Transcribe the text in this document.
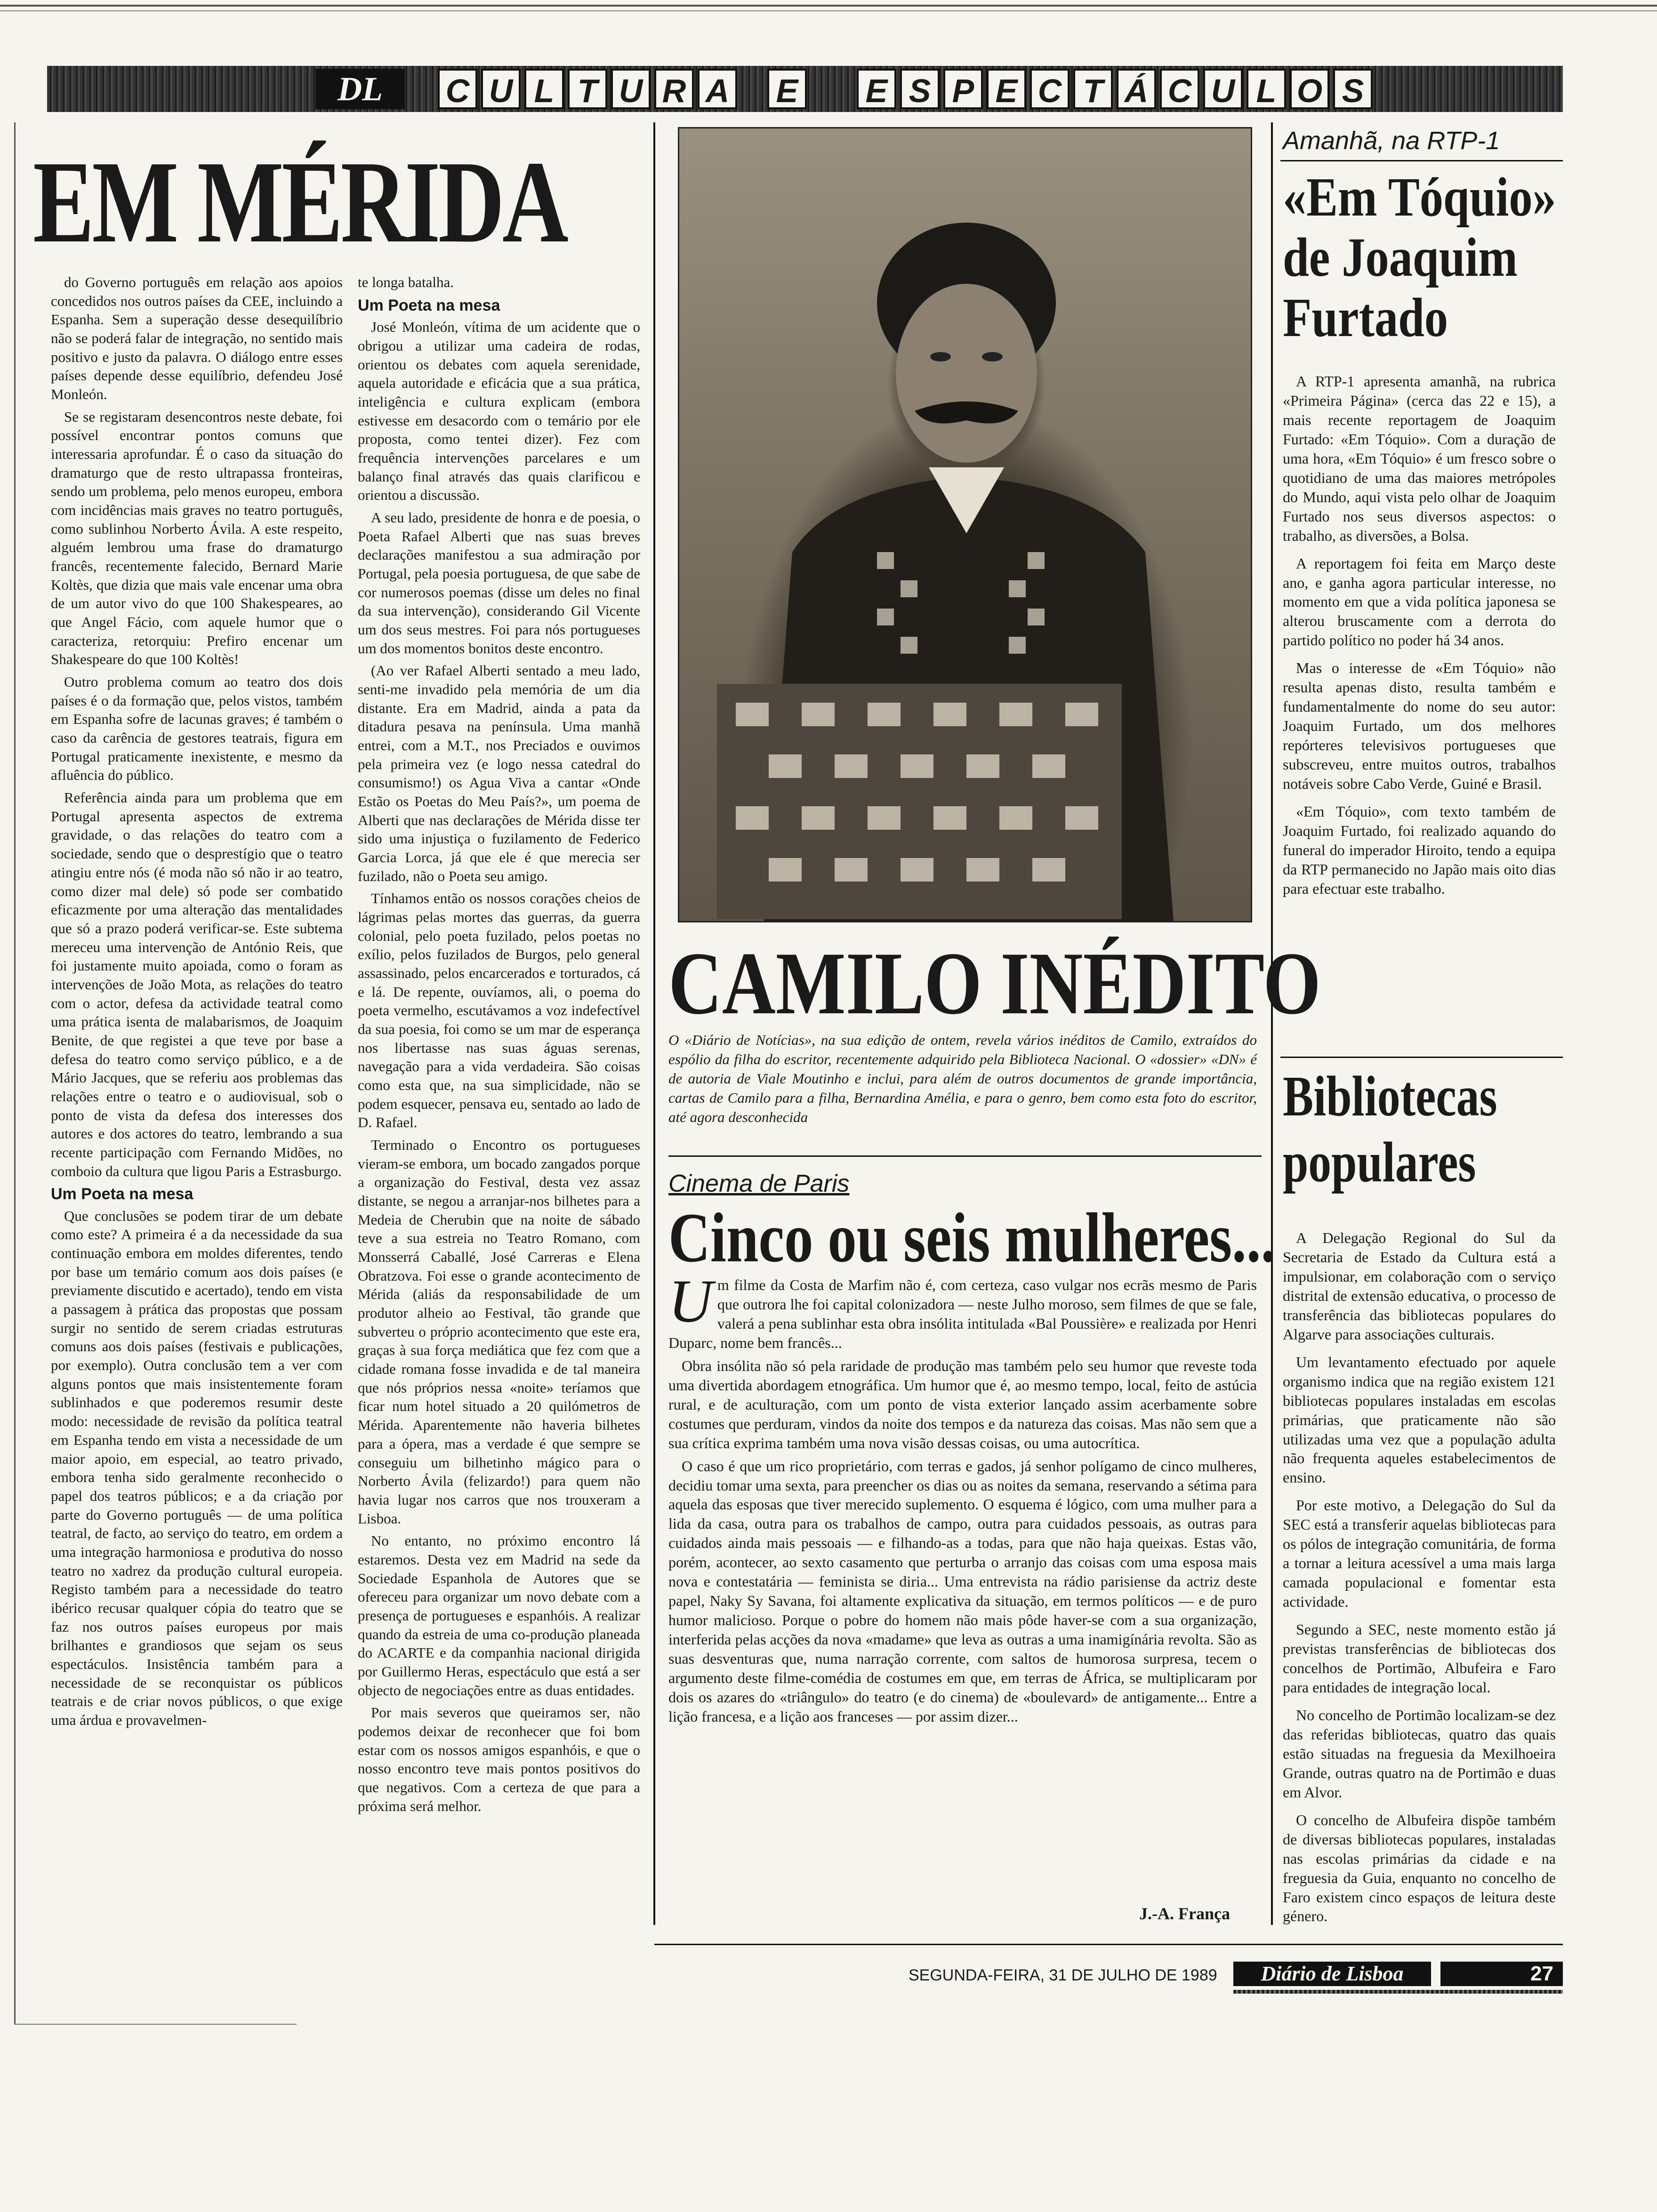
DL	C U L T U R A E E S P E C T Á C U L O S
EM MÉRIDA

do Governo português em relação aos apoios concedidos nos outros países da CEE, incluindo a Espanha. Sem a superação desse desequilíbrio não se poderá falar de integração, no sentido mais positivo e justo da palavra. O diálogo entre esses países depende desse equilíbrio, defendeu José Monleón.

Se se registaram desencontros neste debate, foi possível encontrar pontos comuns que interessaria aprofundar. É o caso da situação do dramaturgo que de resto ultrapassa fronteiras, sendo um problema, pelo menos europeu, embora com incidências mais graves no teatro português, como sublinhou Norberto Ávila. A este respeito, alguém lembrou uma frase do dramaturgo francês, recentemente falecido, Bernard Marie Koltès, que dizia que mais vale encenar uma obra de um autor vivo do que 100 Shakespeares, ao que Angel Fácio, com aquele humor que o caracteriza, retorquiu: Prefiro encenar um Shakespeare do que 100 Koltès!

Outro problema comum ao teatro dos dois países é o da formação que, pelos vistos, também em Espanha sofre de lacunas graves; é também o caso da carência de gestores teatrais, figura em Portugal praticamente inexistente, e mesmo da afluência do público.

Referência ainda para um problema que em Portugal apresenta aspectos de extrema gravidade, o das relações do teatro com a sociedade, sendo que o desprestígio que o teatro atingiu entre nós (é moda não só não ir ao teatro, como dizer mal dele) só pode ser combatido eficazmente por uma alteração das mentalidades que só a prazo poderá verificar-se. Este subtema mereceu uma intervenção de António Reis, que foi justamente muito apoiada, como o foram as intervenções de João Mota, as relações do teatro com o actor, defesa da actividade teatral como uma prática isenta de malabarismos, de Joaquim Benite, de que registei a que teve por base a defesa do teatro como serviço público, e a de Mário Jacques, que se referiu aos problemas das relações entre o teatro e o audiovisual, sob o ponto de vista da defesa dos interesses dos autores e dos actores do teatro, lembrando a sua recente participação com Fernando Midões, no comboio da cultura que ligou Paris a Estrasburgo.

Um Poeta na mesa

Que conclusões se podem tirar de um debate como este? A primeira é a da necessidade da sua continuação embora em moldes diferentes, tendo por base um temário comum aos dois países (e previamente discutido e acertado), tendo em vista a passagem à prática das propostas que possam surgir no sentido de serem criadas estruturas comuns aos dois países (festivais e publicações, por exemplo). Outra conclusão tem a ver com alguns pontos que mais insistentemente foram sublinhados e que poderemos resumir deste modo: necessidade de revisão da política teatral em Espanha tendo em vista a necessidade de um maior apoio, em especial, ao teatro privado, embora tenha sido geralmente reconhecido o papel dos teatros públicos; e a da criação por parte do Governo português — de uma política teatral, de facto, ao serviço do teatro, em ordem a uma integração harmoniosa e produtiva do nosso teatro no xadrez da produção cultural europeia. Registo também para a necessidade do teatro ibérico recusar qualquer cópia do teatro que se faz nos outros países europeus por mais brilhantes e grandiosos que sejam os seus espectáculos. Insistência também para a necessidade de se reconquistar os públicos teatrais e de criar novos públicos, o que exige uma árdua e provavelmen-

te longa batalha.

Um Poeta na mesa

José Monleón, vítima de um acidente que o obrigou a utilizar uma cadeira de rodas, orientou os debates com aquela serenidade, aquela autoridade e eficácia que a sua prática, inteligência e cultura explicam (embora estivesse em desacordo com o temário por ele proposta, como tentei dizer). Fez com frequência intervenções parcelares e um balanço final através das quais clarificou e orientou a discussão.

A seu lado, presidente de honra e de poesia, o Poeta Rafael Alberti que nas suas breves declarações manifestou a sua admiração por Portugal, pela poesia portuguesa, de que sabe de cor numerosos poemas (disse um deles no final da sua intervenção), considerando Gil Vicente um dos seus mestres. Foi para nós portugueses um dos momentos bonitos deste encontro.

(Ao ver Rafael Alberti sentado a meu lado, senti-me invadido pela memória de um dia distante. Era em Madrid, ainda a pata da ditadura pesava na península. Uma manhã entrei, com a M.T., nos Preciados e ouvimos pela primeira vez (e logo nessa catedral do consumismo!) os Agua Viva a cantar «Onde Estão os Poetas do Meu País?», um poema de Alberti que nas declarações de Mérida disse ter sido uma injustiça o fuzilamento de Federico Garcia Lorca, já que ele é que merecia ser fuzilado, não o Poeta seu amigo.

Tínhamos então os nossos corações cheios de lágrimas pelas mortes das guerras, da guerra colonial, pelo poeta fuzilado, pelos poetas no exílio, pelos fuzilados de Burgos, pelo general assassinado, pelos encarcerados e torturados, cá e lá. De repente, ouvíamos, ali, o poema do poeta vermelho, escutávamos a voz indefectível da sua poesia, foi como se um mar de esperança nos libertasse nas suas águas serenas, navegação para a vida verdadeira. São coisas como esta que, na sua simplicidade, não se podem esquecer, pensava eu, sentado ao lado de D. Rafael.

Terminado o Encontro os portugueses vieram-se embora, um bocado zangados porque a organização do Festival, desta vez assaz distante, se negou a arranjar-nos bilhetes para a Medeia de Cherubin que na noite de sábado teve a sua estreia no Teatro Romano, com Monsserrá Caballé, José Carreras e Elena Obratzova. Foi esse o grande acontecimento de Mérida (aliás da responsabilidade de um produtor alheio ao Festival, tão grande que subverteu o próprio acontecimento que este era, graças à sua força mediática que fez com que a cidade romana fosse invadida e de tal maneira que nós próprios nessa «noite» teríamos que ficar num hotel situado a 20 quilómetros de Mérida. Aparentemente não haveria bilhetes para a ópera, mas a verdade é que sempre se conseguiu um bilhetinho mágico para o Norberto Ávila (felizardo!) para quem não havia lugar nos carros que nos trouxeram a Lisboa.

No entanto, no próximo encontro lá estaremos. Desta vez em Madrid na sede da Sociedade Espanhola de Autores que se ofereceu para organizar um novo debate com a presença de portugueses e espanhóis. A realizar quando da estreia de uma co-produção planeada do ACARTE e da companhia nacional dirigida por Guillermo Heras, espectáculo que está a ser objecto de negociações entre as duas entidades.

Por mais severos que queiramos ser, não podemos deixar de reconhecer que foi bom estar com os nossos amigos espanhóis, e que o nosso encontro teve mais pontos positivos do que negativos. Com a certeza de que para a próxima será melhor.

CAMILO INÉDITO
O «Diário de Notícias», na sua edição de ontem, revela vários inéditos de Camilo, extraídos do espólio da filha do escritor, recentemente adquirido pela Biblioteca Nacional. O «dossier» «DN» é de autoria de Viale Moutinho e inclui, para além de outros documentos de grande importância, cartas de Camilo para a filha, Bernardina Amélia, e para o genro, bem como esta foto do escritor, até agora desconhecida
Cinema de Paris
Cinco ou seis mulheres...

U m filme da Costa de Marfim não é, com certeza, caso vulgar nos ecrãs mesmo de Paris que outrora lhe foi capital colonizadora — neste Julho moroso, sem filmes de que se fale, valerá a pena sublinhar esta obra insólita intitulada «Bal Poussière» e realizada por Henri Duparc, nome bem francês...

Obra insólita não só pela raridade de produção mas também pelo seu humor que reveste toda uma divertida abordagem etnográfica. Um humor que é, ao mesmo tempo, local, feito de astúcia rural, e de aculturação, com um ponto de vista exterior lançado assim acerbamente sobre costumes que perduram, vindos da noite dos tempos e da natureza das coisas. Mas não sem que a sua crítica exprima também uma nova visão dessas coisas, ou uma autocrítica.

O caso é que um rico proprietário, com terras e gados, já senhor polígamo de cinco mulheres, decidiu tomar uma sexta, para preencher os dias ou as noites da semana, reservando a sétima para aquela das esposas que tiver merecido suplemento. O esquema é lógico, com uma mulher para a lida da casa, outra para os trabalhos de campo, outra para cuidados pessoais, as outras para cuidados ainda mais pessoais — e filhando-as a todas, para que não haja queixas. Estas vão, porém, acontecer, ao sexto casamento que perturba o arranjo das coisas com uma esposa mais nova e contestatária — feminista se diria... Uma entrevista na rádio parisiense da actriz deste papel, Naky Sy Savana, foi altamente explicativa da situação, em termos políticos — e de puro humor malicioso. Porque o pobre do homem não mais pôde haver-se com a sua organização, interferida pelas acções da nova «madame» que leva as outras a uma inamigínária revolta. São as suas desventuras que, numa narração corrente, com saltos de humorosa surpresa, tecem o argumento deste filme-comédia de costumes em que, em terras de África, se multiplicaram por dois os azares do «triângulo» do teatro (e do cinema) de «boulevard» de antigamente... Entre a lição francesa, e a lição aos franceses — por assim dizer...

J.-A. França
Amanhã, na RTP-1
«Em Tóquio»
de Joaquim
Furtado

A RTP-1 apresenta amanhã, na rubrica «Primeira Página» (cerca das 22 e 15), a mais recente reportagem de Joaquim Furtado: «Em Tóquio». Com a duração de uma hora, «Em Tóquio» é um fresco sobre o quotidiano de uma das maiores metrópoles do Mundo, aqui vista pelo olhar de Joaquim Furtado nos seus diversos aspectos: o trabalho, as diversões, a Bolsa.

A reportagem foi feita em Março deste ano, e ganha agora particular interesse, no momento em que a vida política japonesa se alterou bruscamente com a derrota do partido político no poder há 34 anos.

Mas o interesse de «Em Tóquio» não resulta apenas disto, resulta também e fundamentalmente do nome do seu autor: Joaquim Furtado, um dos melhores repórteres televisivos portugueses que subscreveu, entre muitos outros, trabalhos notáveis sobre Cabo Verde, Guiné e Brasil.

«Em Tóquio», com texto também de Joaquim Furtado, foi realizado aquando do funeral do imperador Hiroito, tendo a equipa da RTP permanecido no Japão mais oito dias para efectuar este trabalho.

Bibliotecas
populares

A Delegação Regional do Sul da Secretaria de Estado da Cultura está a impulsionar, em colaboração com o serviço distrital de extensão educativa, o processo de transferência das bibliotecas populares do Algarve para associações culturais.

Um levantamento efectuado por aquele organismo indica que na região existem 121 bibliotecas populares instaladas em escolas primárias, que praticamente não são utilizadas uma vez que a população adulta não frequenta aqueles estabelecimentos de ensino.

Por este motivo, a Delegação do Sul da SEC está a transferir aquelas bibliotecas para os pólos de integração comunitária, de forma a tornar a leitura acessível a uma mais larga camada populacional e fomentar esta actividade.

Segundo a SEC, neste momento estão já previstas transferências de bibliotecas dos concelhos de Portimão, Albufeira e Faro para entidades de integração local.

No concelho de Portimão localizam-se dez das referidas bibliotecas, quatro das quais estão situadas na freguesia da Mexilhoeira Grande, outras quatro na de Portimão e duas em Alvor.

O concelho de Albufeira dispõe também de diversas bibliotecas populares, instaladas nas escolas primárias da cidade e na freguesia da Guia, enquanto no concelho de Faro existem cinco espaços de leitura deste género.

SEGUNDA-FEIRA, 31 DE JULHO DE 1989	Diário de Lisboa	27
